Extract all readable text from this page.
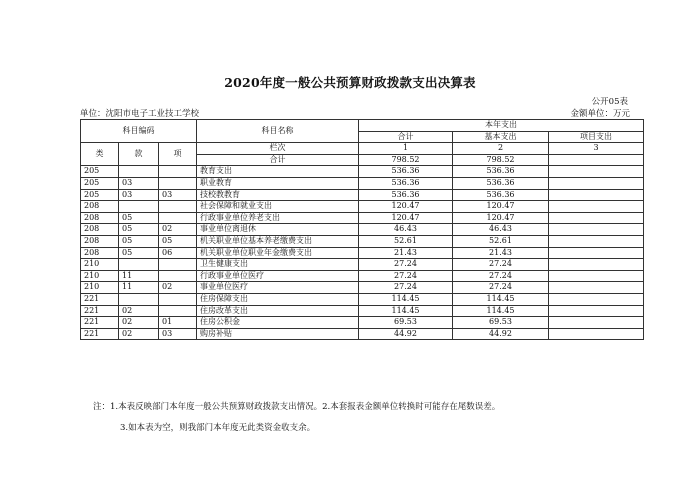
2020年度一般公共预算财政拨款支出决算表
公开05表
单位：沈阳市电子工业技工学校	金额单位：万元
科目编码			科目名称	本年支出		
				合计	基本支出	项目支出
类	款	项	栏次	1	2	3
			合计	798.52	798.52	
205			教育支出	536.36	536.36	
205	03		职业教育	536.36	536.36	
205	03	03	技校教教育	536.36	536.36	
208			社会保障和就业支出	120.47	120.47	
208	05		行政事业单位养老支出	120.47	120.47	
208	05	02	事业单位离退休	46.43	46.43	
208	05	05	机关职业单位基本养老缴费支出	52.61	52.61	
208	05	06	机关职业单位职业年金缴费支出	21.43	21.43	
210			卫生健康支出	27.24	27.24	
210	11		行政事业单位医疗	27.24	27.24	
210	11	02	事业单位医疗	27.24	27.24	
221			住房保障支出	114.45	114.45	
221	02		住房改革支出	114.45	114.45	
221	02	01	住房公积金	69.53	69.53	
221	02	03	购房补贴	44.92	44.92	
注：1.本表反映部门本年度一般公共预算财政拨款支出情况。2.本套报表金额单位转换时可能存在尾数误差。
3.如本表为空，则我部门本年度无此类资金收支余。
